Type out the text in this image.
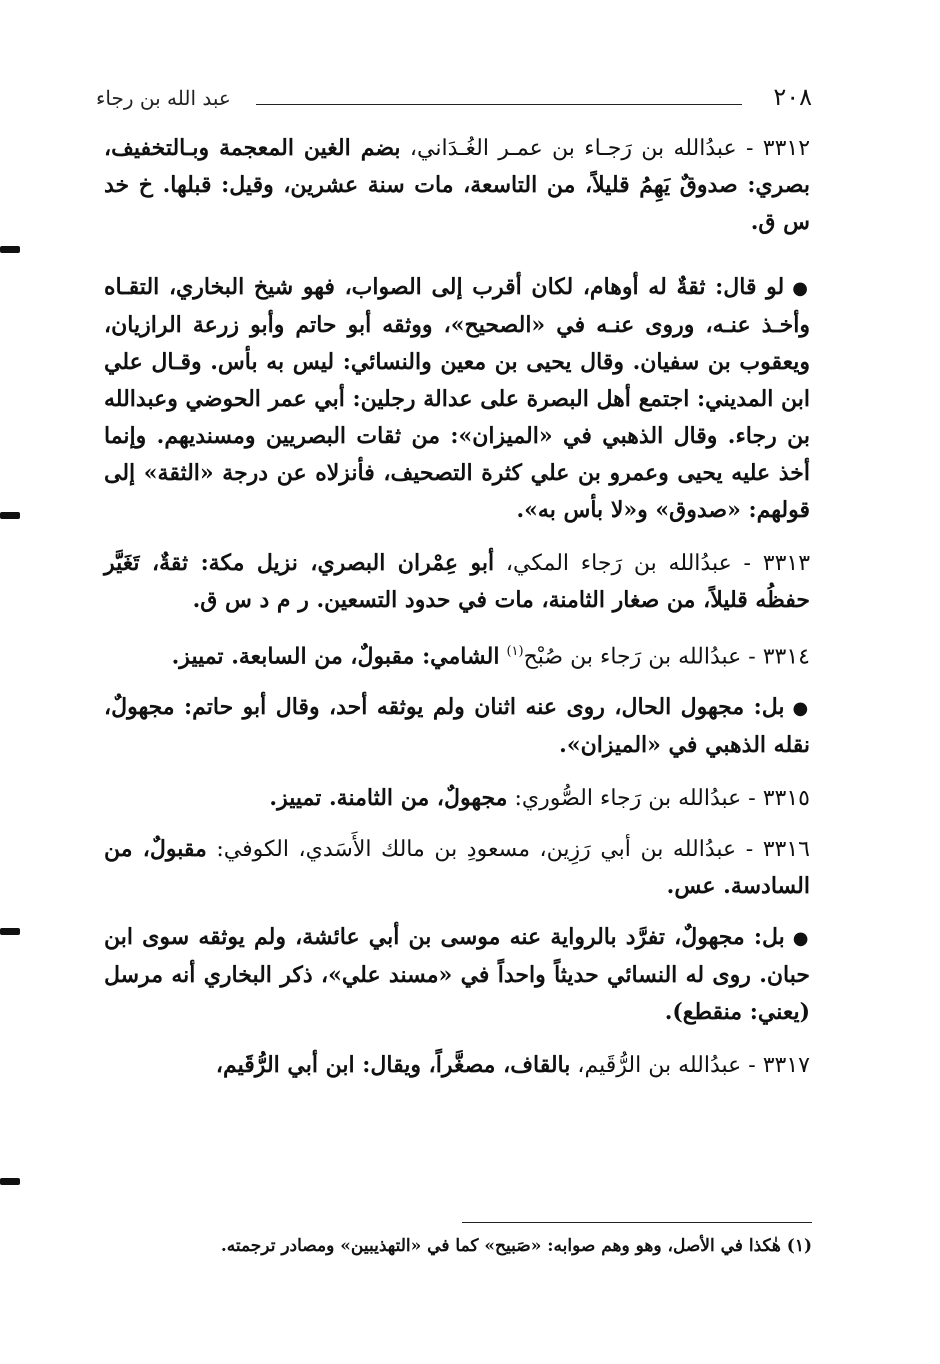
٢٠٨
عبد الله بن رجاء

٣٣١٢ - عبدُالله بن رَجـاء بن عمـر الغُـدَاني، بضم الغين المعجمة وبـالتخفيف، بصري: صدوقٌ يَهِمُ قليلاً، من التاسعة، مات سنة عشرين، وقيل: قبلها. خ خد س ق.

●لو قال: ثقةٌ له أوهام، لكان أقرب إلى الصواب، فهو شيخ البخاري، التقـاه وأخـذ عنـه، وروى عنـه في «الصحيح»، ووثقه أبو حاتم وأبو زرعة الرازيان، ويعقوب بن سفيان. وقال يحيى بن معين والنسائي: ليس به بأس. وقـال علي ابن المديني: اجتمع أهل البصرة على عدالة رجلين: أبي عمر الحوضي وعبدالله بن رجاء. وقال الذهبي في «الميزان»: من ثقات البصريين ومسنديهم. وإنما أخذ عليه يحيى وعمرو بن علي كثرة التصحيف، فأنزلاه عن درجة «الثقة» إلى قولهم: «صدوق» و«لا بأس به».

٣٣١٣ - عبدُالله بن رَجاء المكي، أبو عِمْران البصري، نزيل مكة: ثقةٌ، تَغَيَّر حفظُه قليلاً، من صغار الثامنة، مات في حدود التسعين. ر م د س ق.

٣٣١٤ - عبدُالله بن رَجاء بن صُبْح$^{(١)}$ الشامي: مقبولٌ، من السابعة. تمييز.

●بل: مجهول الحال، روى عنه اثنان ولم يوثقه أحد، وقال أبو حاتم: مجهولٌ، نقله الذهبي في «الميزان».

٣٣١٥ - عبدُالله بن رَجاء الصُّوري: مجهولٌ، من الثامنة. تمييز.

٣٣١٦ - عبدُالله بن أبي رَزِين، مسعودِ بن مالك الأَسَدي، الكوفي: مقبولٌ، من السادسة. عس.

●بل: مجهولٌ، تفرَّد بالرواية عنه موسى بن أبي عائشة، ولم يوثقه سوى ابن حبان. روى له النسائي حديثاً واحداً في «مسند علي»، ذكر البخاري أنه مرسل (يعني: منقطع).

٣٣١٧ - عبدُالله بن الرُّقَيم، بالقاف، مصغَّراً، ويقال: ابن أبي الرُّقَيم،

(١) هٰكذا في الأصل، وهو وهم صوابه: «صَبيح» كما في «التهذيبين» ومصادر ترجمته.
